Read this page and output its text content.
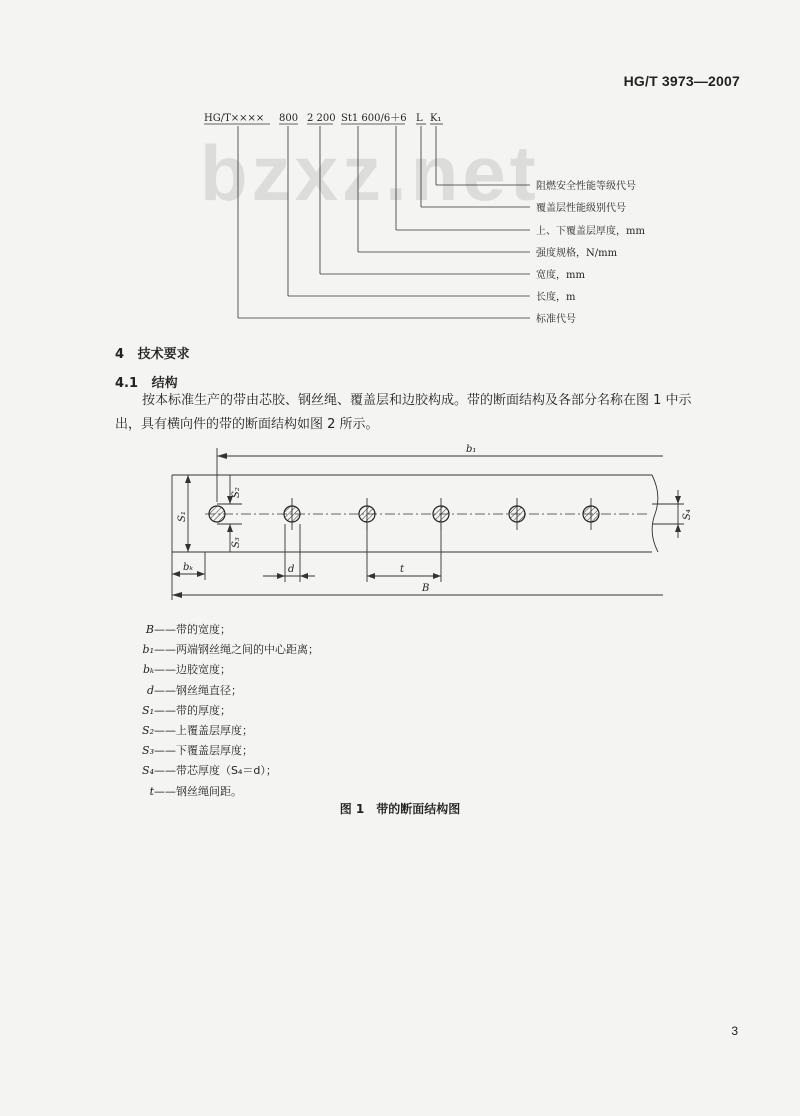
HG/T 3973—2007
bzxz.net
HG/T×××× 800 2 200 St1 600/6＋6 L K₁
阻燃安全性能等级代号
覆盖层性能级别代号
上、下覆盖层厚度，mm
强度规格，N/mm
宽度，mm
长度，m
标准代号
4 技术要求
4.1 结构
按本标准生产的带由芯胶、钢丝绳、覆盖层和边胶构成。带的断面结构及各部分名称在图 1 中示
出，具有横向件的带的断面结构如图 2 所示。
b₁
bₖ	d	t
B
S₁
S₂
S₃
S₄
B——带的宽度；
b₁——两端钢丝绳之间的中心距离；
bₖ——边胶宽度；
d——钢丝绳直径；
S₁——带的厚度；
S₂——上覆盖层厚度；
S₃——下覆盖层厚度；
S₄——带芯厚度（S₄＝d）；
t——钢丝绳间距。
图 1　带的断面结构图
3
